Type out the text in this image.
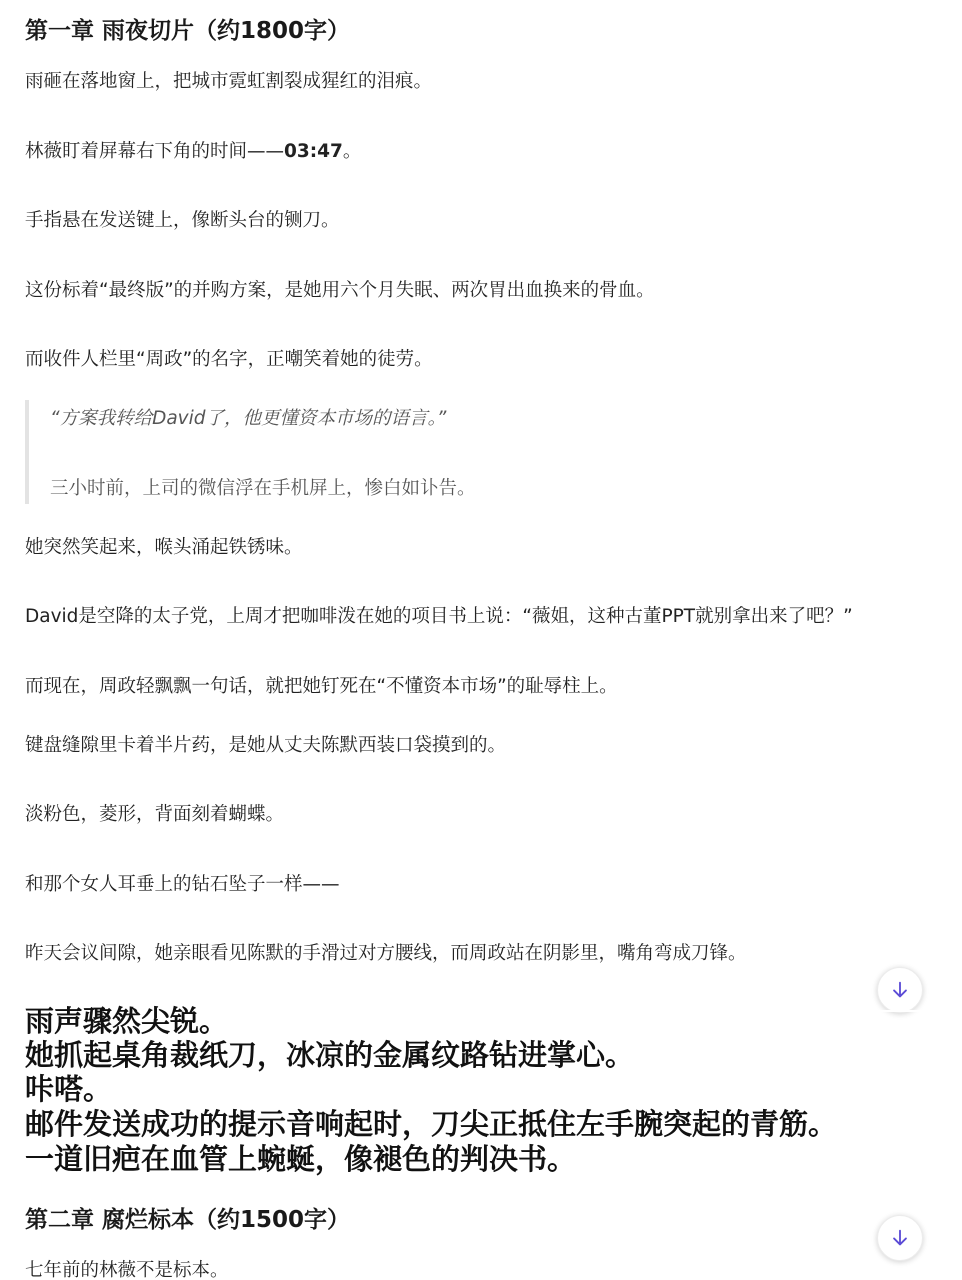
第一章 雨夜切片（约1800字）
雨砸在落地窗上，把城市霓虹割裂成猩红的泪痕。
林薇盯着屏幕右下角的时间——03:47。
手指悬在发送键上，像断头台的铡刀。
这份标着“最终版”的并购方案，是她用六个月失眠、两次胃出血换来的骨血。
而收件人栏里“周政”的名字，正嘲笑着她的徒劳。
“方案我转给David了，他更懂资本市场的语言。”
三小时前，上司的微信浮在手机屏上，惨白如讣告。
她突然笑起来，喉头涌起铁锈味。
David是空降的太子党，上周才把咖啡泼在她的项目书上说：“薇姐，这种古董PPT就别拿出来了吧？”
而现在，周政轻飘飘一句话，就把她钉死在“不懂资本市场”的耻辱柱上。
键盘缝隙里卡着半片药，是她从丈夫陈默西装口袋摸到的。
淡粉色，菱形，背面刻着蝴蝶。
和那个女人耳垂上的钻石坠子一样——
昨天会议间隙，她亲眼看见陈默的手滑过对方腰线，而周政站在阴影里，嘴角弯成刀锋。
雨声骤然尖锐。
她抓起桌角裁纸刀，冰凉的金属纹路钻进掌心。
咔嗒。
邮件发送成功的提示音响起时，刀尖正抵住左手腕突起的青筋。
一道旧疤在血管上蜿蜒，像褪色的判决书。
第二章 腐烂标本（约1500字）
七年前的林薇不是标本。
